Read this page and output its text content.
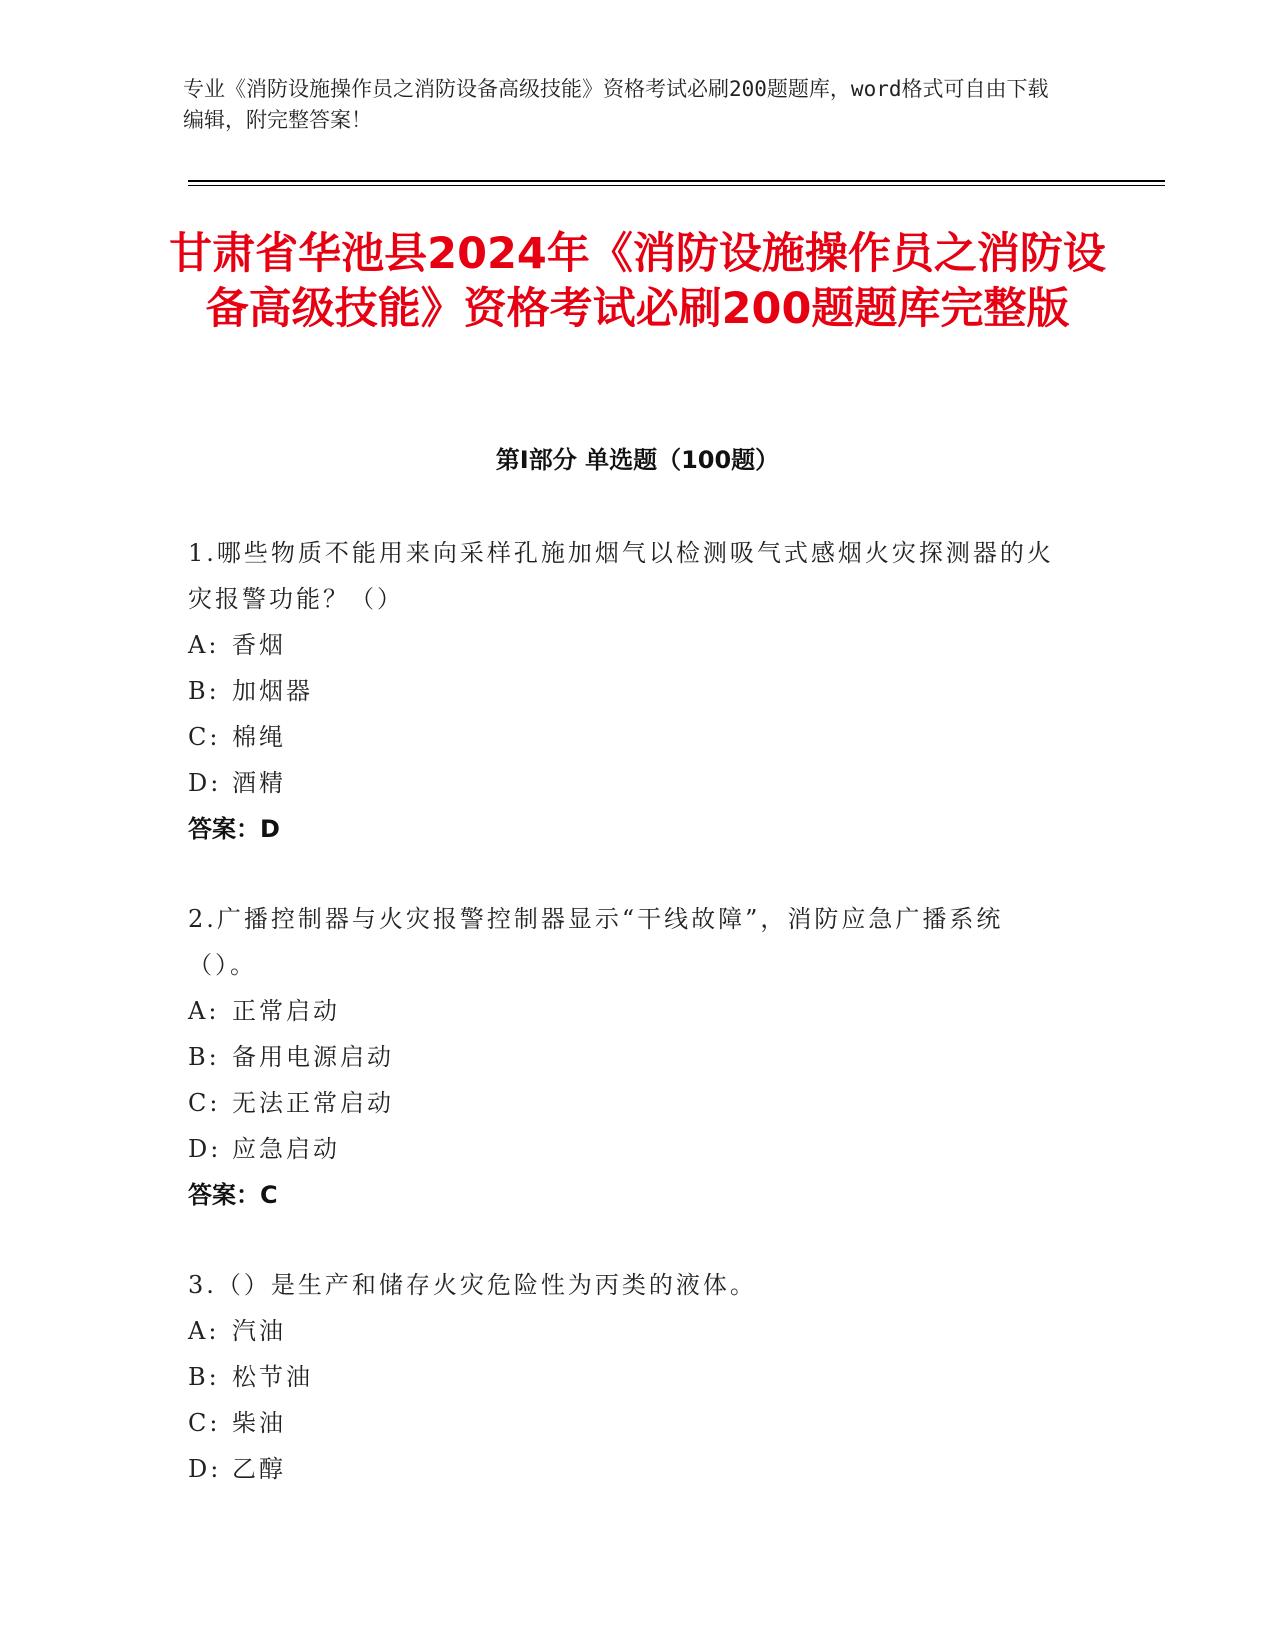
专业《消防设施操作员之消防设备高级技能》资格考试必刷200题题库，word格式可自由下载编辑，附完整答案！
甘肃省华池县2024年《消防设施操作员之消防设备高级技能》资格考试必刷200题题库完整版
第Ⅰ部分 单选题（100题）
1.哪些物质不能用来向采样孔施加烟气以检测吸气式感烟火灾探测器的火灾报警功能？（）
A: 香烟
B: 加烟器
C: 棉绳
D: 酒精
答案：D
2.广播控制器与火灾报警控制器显示“干线故障”，消防应急广播系统（）。
A: 正常启动
B: 备用电源启动
C: 无法正常启动
D: 应急启动
答案：C
3.（）是生产和储存火灾危险性为丙类的液体。
A: 汽油
B: 松节油
C: 柴油
D: 乙醇
